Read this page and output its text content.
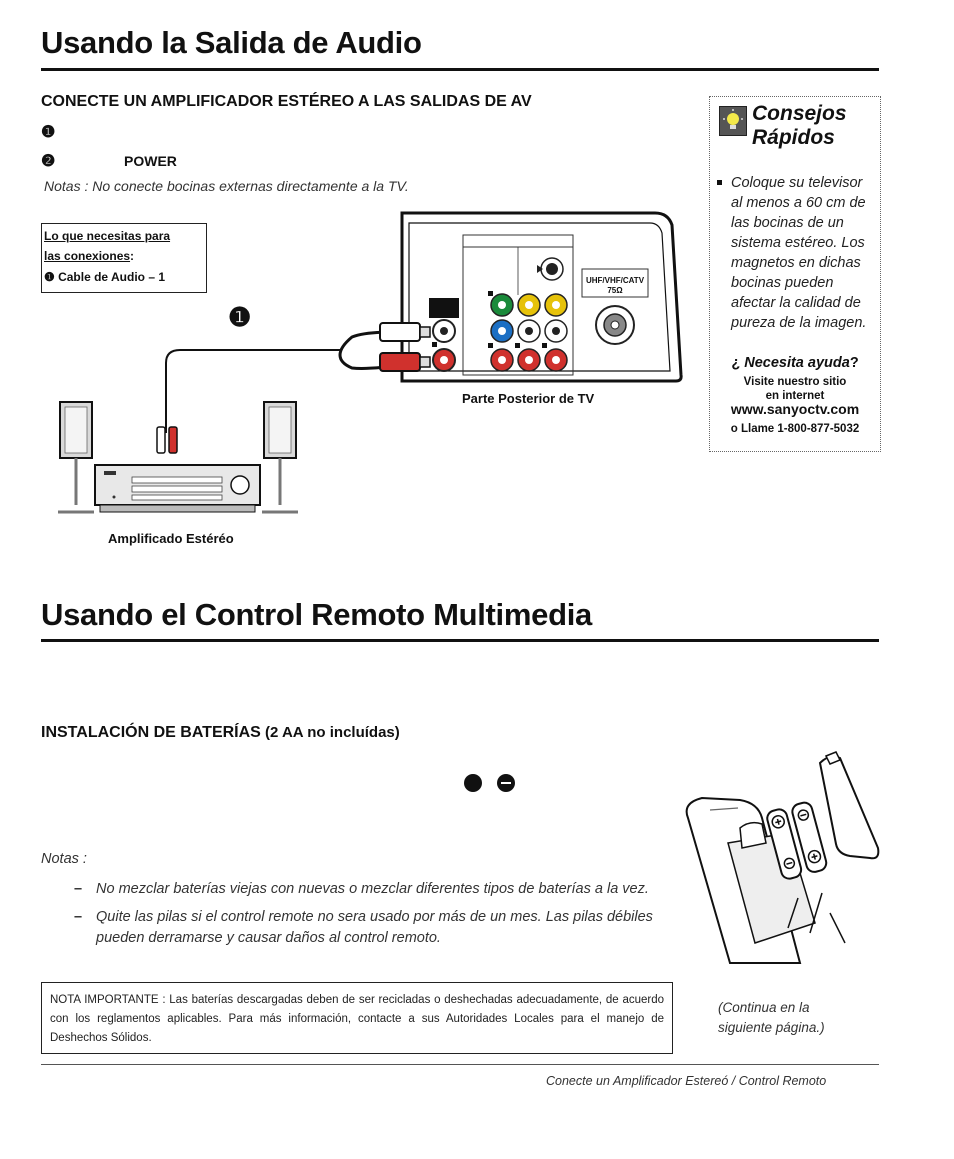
Usando la Salida de Audio
CONECTE UN AMPLIFICADOR ESTÉREO A LAS SALIDAS DE AV
❶
❷	POWER
Notas : No conecte bocinas externas directamente a la TV.
Lo que necesitas para
las conexiones:
❶ Cable de Audio – 1
❶
UHF/VHF/CATV
75Ω
Parte Posterior de TV
Amplificado Estéréo
Consejos
Rápidos
Coloque su televisor al menos a 60 cm de las bocinas de un sistema estéreo. Los magnetos en dichas bocinas pueden afectar la calidad de pureza de la imagen.
¿ Necesita ayuda?
Visite nuestro sitio
en internet
www.sanyoctv.com
o Llame 1-800-877-5032
Usando el Control Remoto Multimedia
INSTALACIÓN DE BATERÍAS (2 AA no incluídas)
Notas :
– No mezclar baterías viejas con nuevas o mezclar diferentes tipos de baterías a la vez.
– Quite las pilas si el control remote no sera usado por más de un mes. Las pilas débiles pueden derramarse y causar daños al control remoto.
NOTA IMPORTANTE : Las baterías descargadas deben de ser recicladas o deshechadas adecuadamente, de acuerdo con los reglamentos aplicables. Para más información, contacte a sus Autoridades Locales para el manejo de Deshechos Sólidos.
(Continua en la siguiente página.)
Conecte un Amplificador Estereó / Control Remoto
